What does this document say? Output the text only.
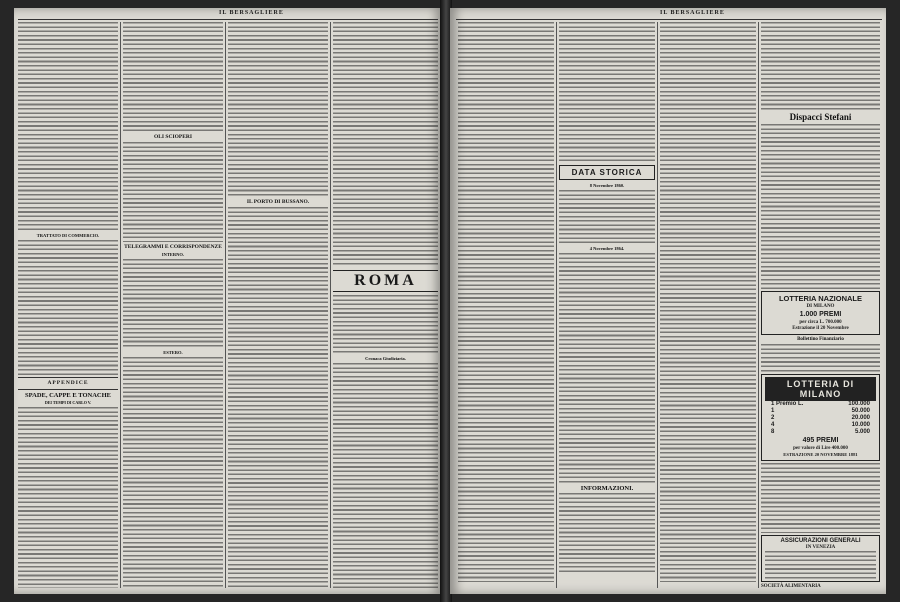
IL BERSAGLIERE
TRATTATO DI COMMERCIO.
APPENDICE
SPADE, CAPPE E TONACHE
DEI TEMPI DI CARLO V.
OLI SCIOPERI
TELEGRAMMI E CORRISPONDENZE
INTERNO.
ESTERO.
IL PORTO DI BUSSANO.
ROMA
Cronaca Giudiziaria.
IL BERSAGLIERE
DATA STORICA
8 Novembre 1860.
4 Novembre 1864.
INFORMAZIONI.
Dispacci Stefani
LOTTERIA NAZIONALE
DI MILANO
1.000 PREMI
per circa L. 700.000
Estrazione il 20 Novembre
Bollettino Finanziario
LOTTERIA DI MILANO
1 Premio L.	100.000
1	50.000
2	20.000
4	10.000
8	5.000
495 PREMI
per valore di Lire 400.000
ESTRAZIONE 20 NOVEMBRE 1881
ASSICURAZIONI GENERALI
IN VENEZIA
SOCIETÀ ALIMENTARIA
